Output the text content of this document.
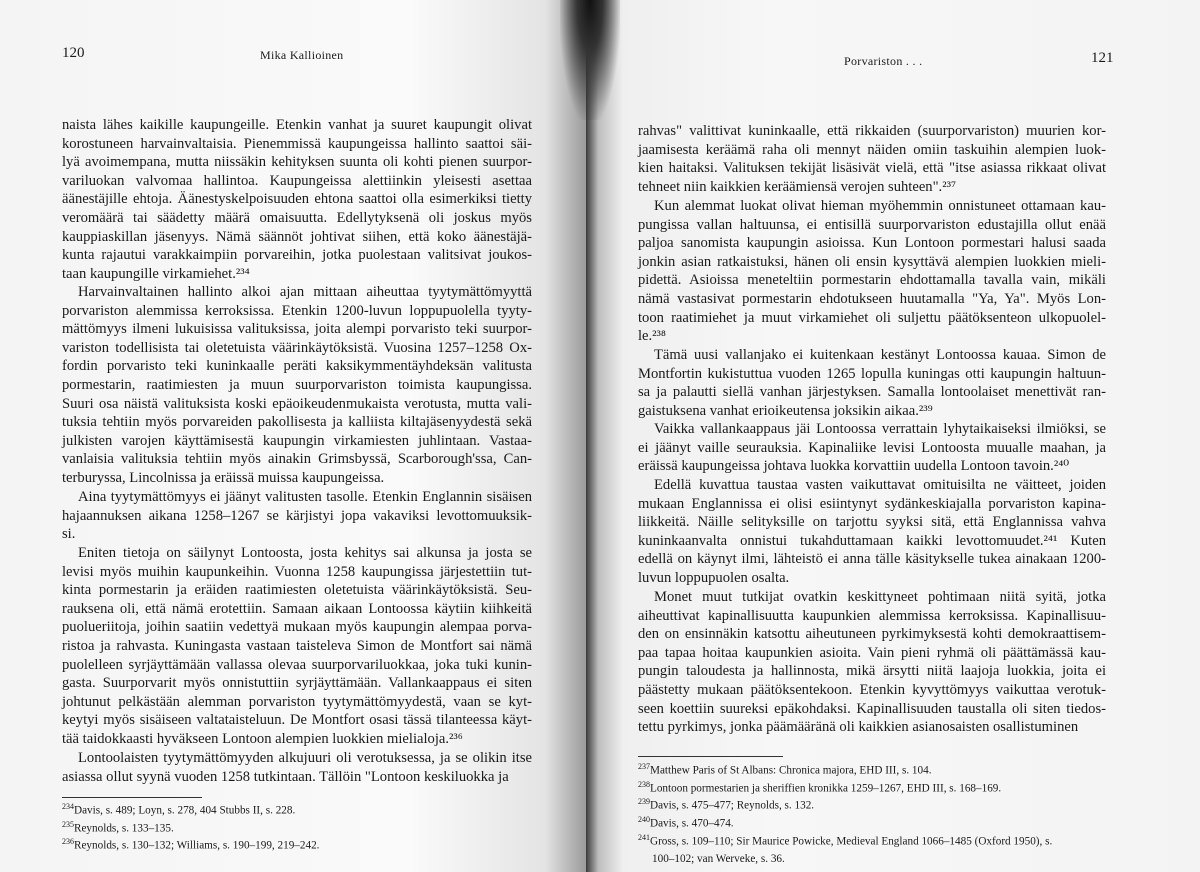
120	Mika Kallioinen
naista lähes kaikille kaupungeille. Etenkin vanhat ja suuret kaupungit olivat
korostuneen harvainvaltaisia. Pienemmissä kaupungeissa hallinto saattoi säi-
lyä avoimempana, mutta niissäkin kehityksen suunta oli kohti pienen suurpor-
variluokan valvomaa hallintoa. Kaupungeissa alettiinkin yleisesti asettaa
äänestäjille ehtoja. Äänestyskelpoisuuden ehtona saattoi olla esimerkiksi tietty
veromäärä tai säädetty määrä omaisuutta. Edellytyksenä oli joskus myös
kauppiaskillan jäsenyys. Nämä säännöt johtivat siihen, että koko äänestäjä-
kunta rajautui varakkaimpiin porvareihin, jotka puolestaan valitsivat joukos-
taan kaupungille virkamiehet.²³⁴
Harvainvaltainen hallinto alkoi ajan mittaan aiheuttaa tyytymättömyyttä
porvariston alemmissa kerroksissa. Etenkin 1200-luvun loppupuolella tyyty-
mättömyys ilmeni lukuisissa valituksissa, joita alempi porvaristo teki suurpor-
variston todellisista tai oletetuista väärinkäytöksistä. Vuosina 1257–1258 Ox-
fordin porvaristo teki kuninkaalle peräti kaksikymmentäyhdeksän valitusta
pormestarin, raatimiesten ja muun suurporvariston toimista kaupungissa.
Suuri osa näistä valituksista koski epäoikeudenmukaista verotusta, mutta vali-
tuksia tehtiin myös porvareiden pakollisesta ja kalliista kiltajäsenyydestä sekä
julkisten varojen käyttämisestä kaupungin virkamiesten juhlintaan. Vastaa-
vanlaisia valituksia tehtiin myös ainakin Grimsbyssä, Scarborough'ssa, Can-
terburyssa, Lincolnissa ja eräissä muissa kaupungeissa.
Aina tyytymättömyys ei jäänyt valitusten tasolle. Etenkin Englannin sisäisen
hajaannuksen aikana 1258–1267 se kärjistyi jopa vakaviksi levottomuuksik-
si.
Eniten tietoja on säilynyt Lontoosta, josta kehitys sai alkunsa ja josta se
levisi myös muihin kaupunkeihin. Vuonna 1258 kaupungissa järjestettiin tut-
kinta pormestarin ja eräiden raatimiesten oletetuista väärinkäytöksistä. Seu-
rauksena oli, että nämä erotettiin. Samaan aikaan Lontoossa käytiin kiihkeitä
puolueriitoja, joihin saatiin vedettyä mukaan myös kaupungin alempaa porva-
ristoa ja rahvasta. Kuningasta vastaan taisteleva Simon de Montfort sai nämä
puolelleen syrjäyttämään vallassa olevaa suurporvariluokkaa, joka tuki kunin-
gasta. Suurporvarit myös onnistuttiin syrjäyttämään. Vallankaappaus ei siten
johtunut pelkästään alemman porvariston tyytymättömyydestä, vaan se kyt-
keytyi myös sisäiseen valtataisteluun. De Montfort osasi tässä tilanteessa käyt-
tää taidokkaasti hyväkseen Lontoon alempien luokkien mielialoja.²³⁶
Lontoolaisten tyytymättömyyden alkujuuri oli verotuksessa, ja se olikin itse
asiassa ollut syynä vuoden 1258 tutkintaan. Tällöin "Lontoon keskiluokka ja
$^{234}$Davis, s. 489; Loyn, s. 278, 404 Stubbs II, s. 228.
$^{235}$Reynolds, s. 133–135.
$^{236}$Reynolds, s. 130–132; Williams, s. 190–199, 219–242.
Porvariston . . .	121
rahvas" valittivat kuninkaalle, että rikkaiden (suurporvariston) muurien kor-
jaamisesta keräämä raha oli mennyt näiden omiin taskuihin alempien luok-
kien haitaksi. Valituksen tekijät lisäsivät vielä, että "itse asiassa rikkaat olivat
tehneet niin kaikkien keräämiensä verojen suhteen".²³⁷
Kun alemmat luokat olivat hieman myöhemmin onnistuneet ottamaan kau-
pungissa vallan haltuunsa, ei entisillä suurporvariston edustajilla ollut enää
paljoa sanomista kaupungin asioissa. Kun Lontoon pormestari halusi saada
jonkin asian ratkaistuksi, hänen oli ensin kysyttävä alempien luokkien mieli-
pidettä. Asioissa meneteltiin pormestarin ehdottamalla tavalla vain, mikäli
nämä vastasivat pormestarin ehdotukseen huutamalla "Ya, Ya". Myös Lon-
toon raatimiehet ja muut virkamiehet oli suljettu päätöksenteon ulkopuolel-
le.²³⁸
Tämä uusi vallanjako ei kuitenkaan kestänyt Lontoossa kauaa. Simon de
Montfortin kukistuttua vuoden 1265 lopulla kuningas otti kaupungin haltuun-
sa ja palautti siellä vanhan järjestyksen. Samalla lontoolaiset menettivät ran-
gaistuksena vanhat erioikeutensa joksikin aikaa.²³⁹
Vaikka vallankaappaus jäi Lontoossa verrattain lyhytaikaiseksi ilmiöksi, se
ei jäänyt vaille seurauksia. Kapinaliike levisi Lontoosta muualle maahan, ja
eräissä kaupungeissa johtava luokka korvattiin uudella Lontoon tavoin.²⁴⁰
Edellä kuvattua taustaa vasten vaikuttavat omituisilta ne väitteet, joiden
mukaan Englannissa ei olisi esiintynyt sydänkeskiajalla porvariston kapina-
liikkeitä. Näille selityksille on tarjottu syyksi sitä, että Englannissa vahva
kuninkaanvalta onnistui tukahduttamaan kaikki levottomuudet.²⁴¹ Kuten
edellä on käynyt ilmi, lähteistö ei anna tälle käsitykselle tukea ainakaan 1200-
luvun loppupuolen osalta.
Monet muut tutkijat ovatkin keskittyneet pohtimaan niitä syitä, jotka
aiheuttivat kapinallisuutta kaupunkien alemmissa kerroksissa. Kapinallisuu-
den on ensinnäkin katsottu aiheutuneen pyrkimyksestä kohti demokraattisem-
paa tapaa hoitaa kaupunkien asioita. Vain pieni ryhmä oli päättämässä kau-
pungin taloudesta ja hallinnosta, mikä ärsytti niitä laajoja luokkia, joita ei
päästetty mukaan päätöksentekoon. Etenkin kyvyttömyys vaikuttaa verotuk-
seen koettiin suureksi epäkohdaksi. Kapinallisuuden taustalla oli siten tiedos-
tettu pyrkimys, jonka päämääränä oli kaikkien asianosaisten osallistuminen
$^{237}$Matthew Paris of St Albans: Chronica majora, EHD III, s. 104.
$^{238}$Lontoon pormestarien ja sheriffien kronikka 1259–1267, EHD III, s. 168–169.
$^{239}$Davis, s. 475–477; Reynolds, s. 132.
$^{240}$Davis, s. 470–474.
$^{241}$Gross, s. 109–110; Sir Maurice Powicke, Medieval England 1066–1485 (Oxford 1950), s.
100–102; van Werveke, s. 36.
